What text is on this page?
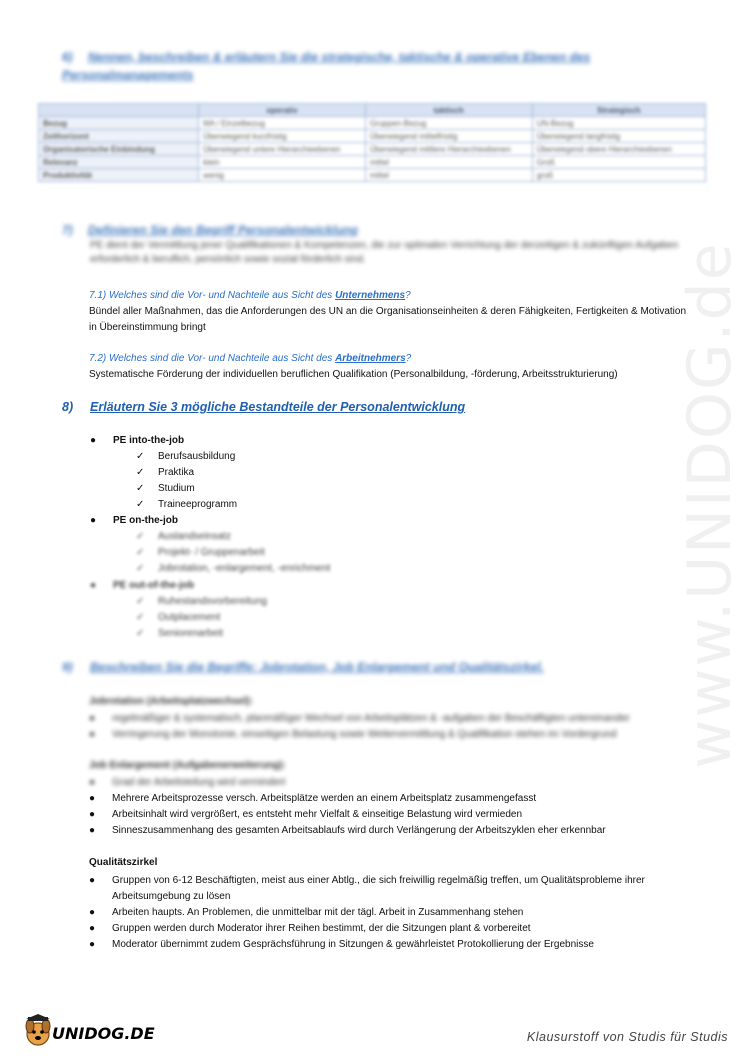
6) Nennen, beschreiben & erläutern Sie die strategische, taktische & operative Ebenen des Personalmanagements
	operativ	taktisch	Strategisch
Bezug	MA / Einzelbezug	Gruppen-Bezug	UN-Bezug
Zeithorizont	Überwiegend kurzfristig	Überwiegend mittelfristig	Überwiegend langfristig
Organisatorische Einbindung	Überwiegend untere Hierarchieebenen	Überwiegend mittlere Hierarchieebenen	Überwiegend obere Hierarchieebenen
Relevanz	klein	mittel	Groß
Produktivität	wenig	mittel	groß
7) Definieren Sie den Begriff Personalentwicklung
PE dient der Vermittlung jener Qualifikationen & Kompetenzen, die zur optimalen Verrichtung der derzeitigen & zukünftigen Aufgaben erforderlich & beruflich, persönlich sowie sozial förderlich sind.
7.1) Welches sind die Vor- und Nachteile aus Sicht des Unternehmens?
Bündel aller Maßnahmen, das die Anforderungen des UN an die Organisationseinheiten & deren Fähigkeiten, Fertigkeiten & Motivation in Übereinstimmung bringt
7.2) Welches sind die Vor- und Nachteile aus Sicht des Arbeitnehmers?
Systematische Förderung der individuellen beruflichen Qualifikation (Personalbildung, -förderung, Arbeitsstrukturierung)
8) Erläutern Sie 3 mögliche Bestandteile der Personalentwicklung
● PE into-the-job
✓ Berufsausbildung
✓ Praktika
✓ Studium
✓ Traineeprogramm
● PE on-the-job
✓ Auslandseinsatz
✓ Projekt- / Gruppenarbeit
✓ Jobrotation, -enlargement, -enrichment
● PE out-of-the-job
✓ Ruhestandsvorbereitung
✓ Outplacement
✓ Seniorenarbeit
9) Beschreiben Sie die Begriffe: Jobrotation, Job Enlargement und Qualitätszirkel.
Jobrotation (Arbeitsplatzwechsel):
● regelmäßiger & systematisch, planmäßiger Wechsel von Arbeitsplätzen & -aufgaben der Beschäftigten untereinander
● Verringerung der Monotonie, einseitigen Belastung sowie Weitervermittlung & Qualifikation stehen im Vordergrund
Job Enlargement (Aufgabenerweiterung):
● Grad der Arbeitsteilung wird vermindert
● Mehrere Arbeitsprozesse versch. Arbeitsplätze werden an einem Arbeitsplatz zusammengefasst
● Arbeitsinhalt wird vergrößert, es entsteht mehr Vielfalt & einseitige Belastung wird vermieden
● Sinneszusammenhang des gesamten Arbeitsablaufs wird durch Verlängerung der Arbeitszyklen eher erkennbar
Qualitätszirkel
● Gruppen von 6-12 Beschäftigten, meist aus einer Abtlg., die sich freiwillig regelmäßig treffen, um Qualitätsprobleme ihrer Arbeitsumgebung zu lösen
● Arbeiten haupts. An Problemen, die unmittelbar mit der tägl. Arbeit in Zusammenhang stehen
● Gruppen werden durch Moderator ihrer Reihen bestimmt, der die Sitzungen plant & vorbereitet
● Moderator übernimmt zudem Gesprächsführung in Sitzungen & gewährleistet Protokollierung der Ergebnisse
www.UNIDOG.de
UNIDOG.DE	Klausurstoff von Studis für Studis
